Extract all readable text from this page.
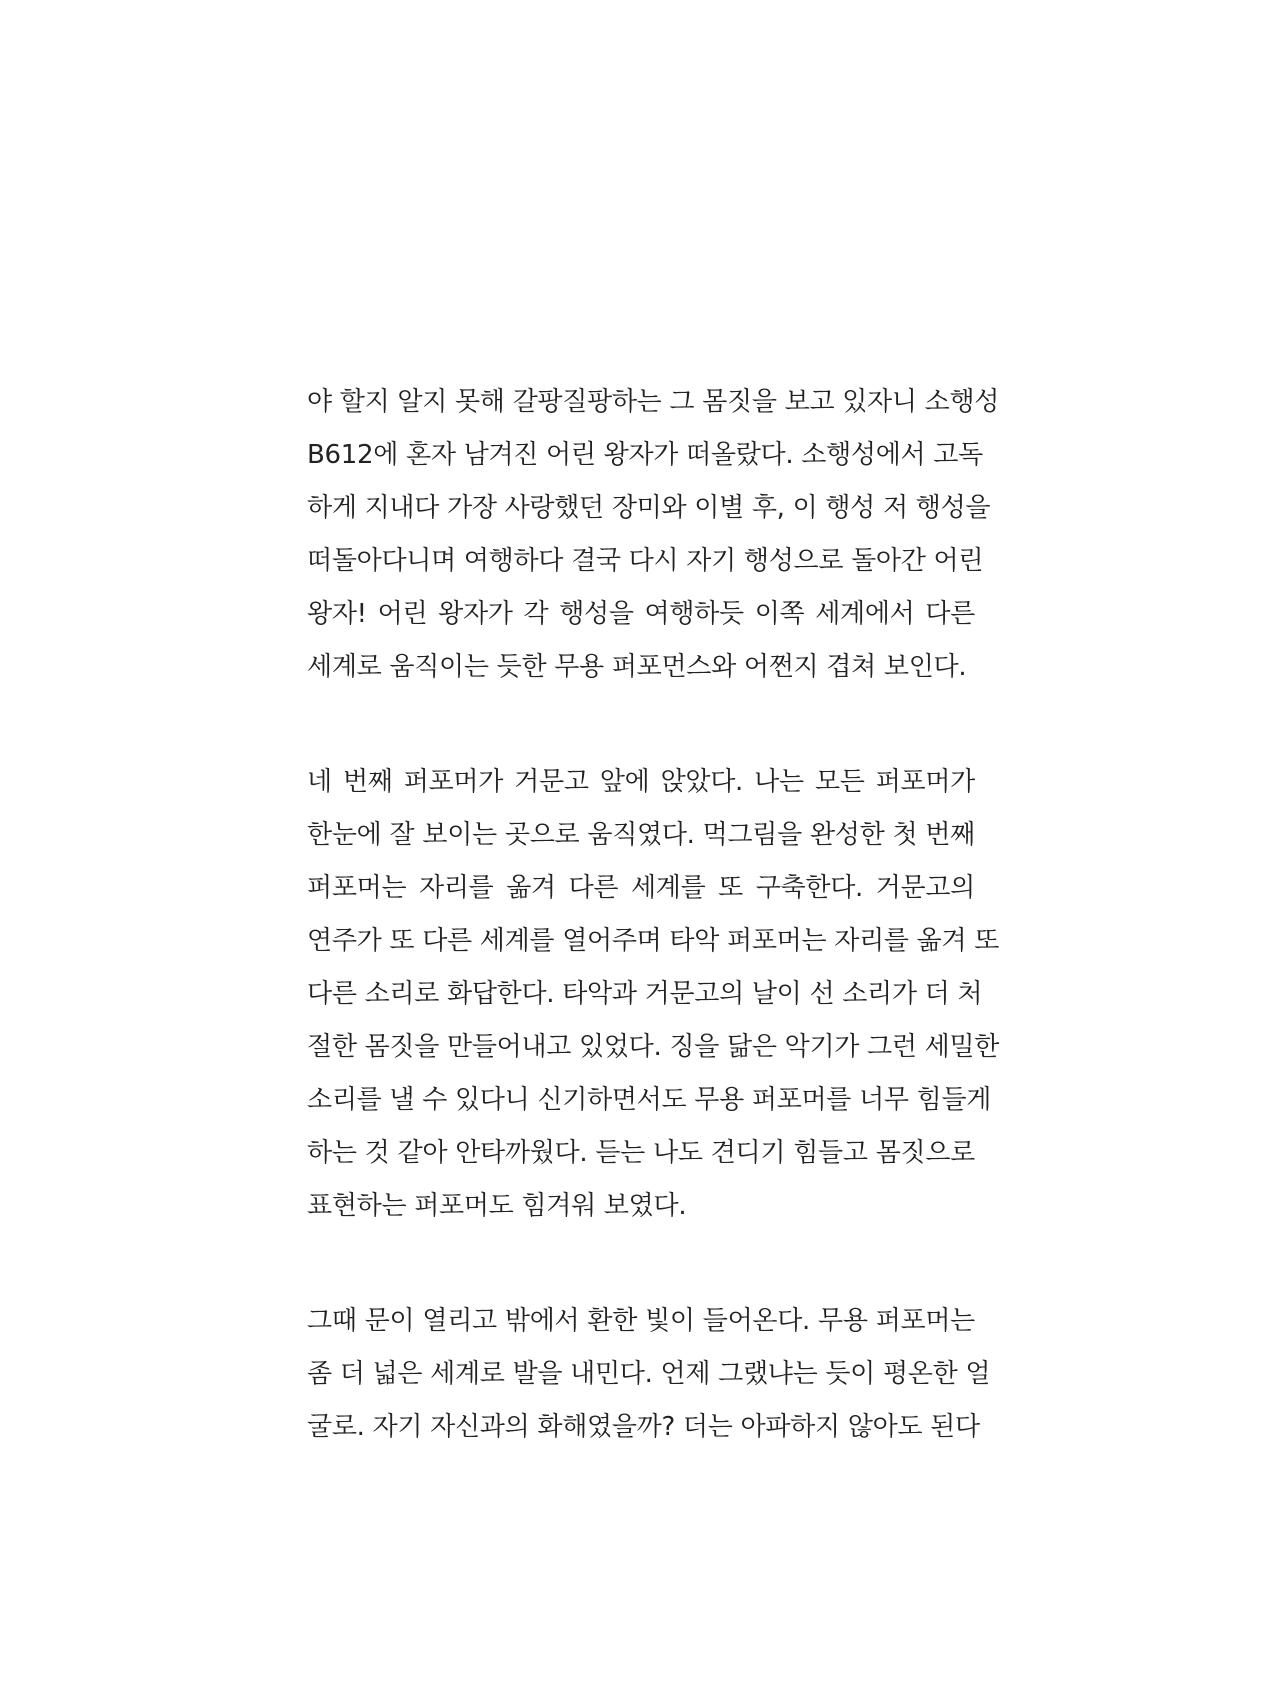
야 할지 알지 못해 갈팡질팡하는 그 몸짓을 보고 있자니 소행성
B612에 혼자 남겨진 어린 왕자가 떠올랐다. 소행성에서 고독
하게 지내다 가장 사랑했던 장미와 이별 후, 이 행성 저 행성을
떠돌아다니며 여행하다 결국 다시 자기 행성으로 돌아간 어린
왕자! 어린 왕자가 각 행성을 여행하듯 이쪽 세계에서 다른
세계로 움직이는 듯한 무용 퍼포먼스와 어쩐지 겹쳐 보인다.

네 번째 퍼포머가 거문고 앞에 앉았다. 나는 모든 퍼포머가
한눈에 잘 보이는 곳으로 움직였다. 먹그림을 완성한 첫 번째
퍼포머는 자리를 옮겨 다른 세계를 또 구축한다. 거문고의
연주가 또 다른 세계를 열어주며 타악 퍼포머는 자리를 옮겨 또
다른 소리로 화답한다. 타악과 거문고의 날이 선 소리가 더 처
절한 몸짓을 만들어내고 있었다. 징을 닮은 악기가 그런 세밀한
소리를 낼 수 있다니 신기하면서도 무용 퍼포머를 너무 힘들게
하는 것 같아 안타까웠다. 듣는 나도 견디기 힘들고 몸짓으로
표현하는 퍼포머도 힘겨워 보였다.

그때 문이 열리고 밖에서 환한 빛이 들어온다. 무용 퍼포머는
좀 더 넓은 세계로 발을 내민다. 언제 그랬냐는 듯이 평온한 얼
굴로. 자기 자신과의 화해였을까? 더는 아파하지 않아도 된다
